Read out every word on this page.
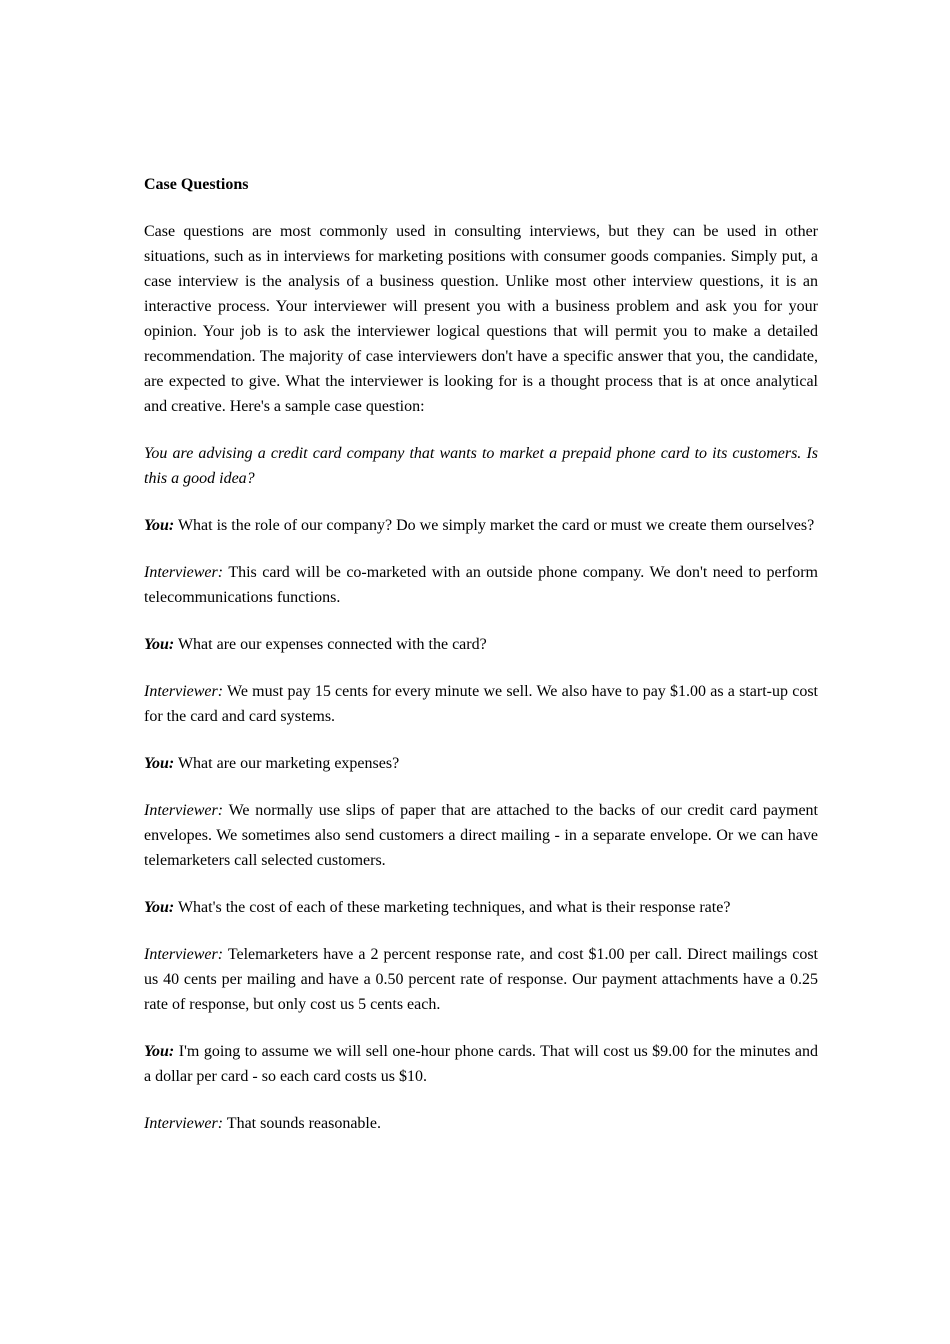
Case Questions

Case questions are most commonly used in consulting interviews, but they can be used in other situations, such as in interviews for marketing positions with consumer goods companies. Simply put, a case interview is the analysis of a business question. Unlike most other interview questions, it is an interactive process. Your interviewer will present you with a business problem and ask you for your opinion. Your job is to ask the interviewer logical questions that will permit you to make a detailed recommendation. The majority of case interviewers don't have a specific answer that you, the candidate, are expected to give. What the interviewer is looking for is a thought process that is at once analytical and creative. Here's a sample case question:

You are advising a credit card company that wants to market a prepaid phone card to its customers. Is this a good idea?

You: What is the role of our company? Do we simply market the card or must we create them ourselves?

Interviewer: This card will be co-marketed with an outside phone company. We don't need to perform telecommunications functions.

You: What are our expenses connected with the card?

Interviewer: We must pay 15 cents for every minute we sell. We also have to pay $1.00 as a start-up cost for the card and card systems.

You: What are our marketing expenses?

Interviewer: We normally use slips of paper that are attached to the backs of our credit card payment envelopes. We sometimes also send customers a direct mailing - in a separate envelope. Or we can have telemarketers call selected customers.

You: What's the cost of each of these marketing techniques, and what is their response rate?

Interviewer: Telemarketers have a 2 percent response rate, and cost $1.00 per call. Direct mailings cost us 40 cents per mailing and have a 0.50 percent rate of response. Our payment attachments have a 0.25 rate of response, but only cost us 5 cents each.

You: I'm going to assume we will sell one-hour phone cards. That will cost us $9.00 for the minutes and a dollar per card - so each card costs us $10.

Interviewer: That sounds reasonable.
